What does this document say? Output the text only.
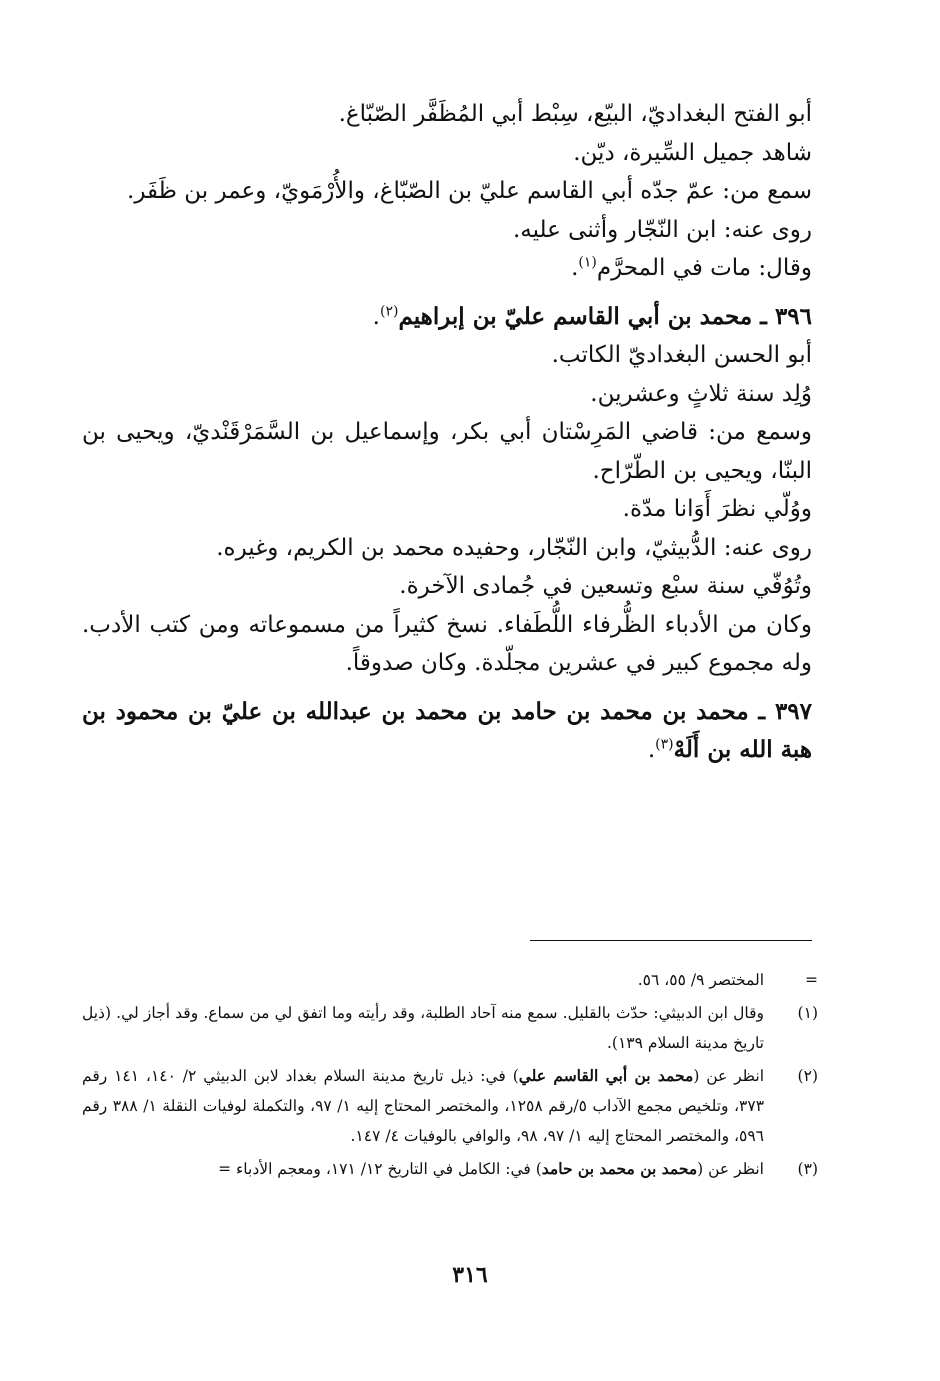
أبو الفتح البغداديّ، البيّع، سِبْط أبي المُظَفَّر الصّبّاغ.

شاهد جميل السِّيرة، ديّن.

سمع من: عمّ جدّه أبي القاسم عليّ بن الصّبّاغ، والأُرْمَويّ، وعمر بن ظَفَر.

روى عنه: ابن النّجّار وأثنى عليه.

وقال: مات في المحرَّم$^{(١)}$.

٣٩٦ ـ محمد بن أبي القاسم عليّ بن إبراهيم$^{(٢)}$.

أبو الحسن البغداديّ الكاتب.

وُلِد سنة ثلاثٍ وعشرين.

وسمع من: قاضي المَرِسْتان أبي بكر، وإسماعيل بن السَّمَرْقَنْديّ، ويحيى بن البنّا، ويحيى بن الطّرّاح.

ووُلّي نظرَ أَوَانا مدّة.

روى عنه: الدُّبيثيّ، وابن النّجّار، وحفيده محمد بن الكريم، وغيره.

وتُوُفّي سنة سبْع وتسعين في جُمادى الآخرة.

وكان من الأدباء الظُّرفاء اللُّطَفاء. نسخ كثيراً من مسموعاته ومن كتب الأدب. وله مجموع كبير في عشرين مجلّدة. وكان صدوقاً.

٣٩٧ ـ محمد بن محمد بن حامد بن محمد بن عبدالله بن عليّ بن محمود بن هبة الله بن أَلَهْ$^{(٣)}$.

=
المختصر ٩/ ٥٥، ٥٦.
(١)
وقال ابن الدبيثي: حدّث بالقليل. سمع منه آحاد الطلبة، وقد رأيته وما اتفق لي من سماع. وقد أجاز لي. (ذيل تاريخ مدينة السلام ١٣٩).
(٢)
انظر عن (محمد بن أبي القاسم علي) في: ذيل تاريخ مدينة السلام بغداد لابن الدبيثي ٢/ ١٤٠، ١٤١ رقم ٣٧٣، وتلخيص مجمع الآداب ٥/رقم ١٢٥٨، والمختصر المحتاج إليه ١/ ٩٧، والتكملة لوفيات النقلة ١/ ٣٨٨ رقم ٥٩٦، والمختصر المحتاج إليه ١/ ٩٧، ٩٨، والوافي بالوفيات ٤/ ١٤٧.
(٣)
انظر عن (محمد بن محمد بن حامد) في: الكامل في التاريخ ١٢/ ١٧١، ومعجم الأدباء =
٣١٦
